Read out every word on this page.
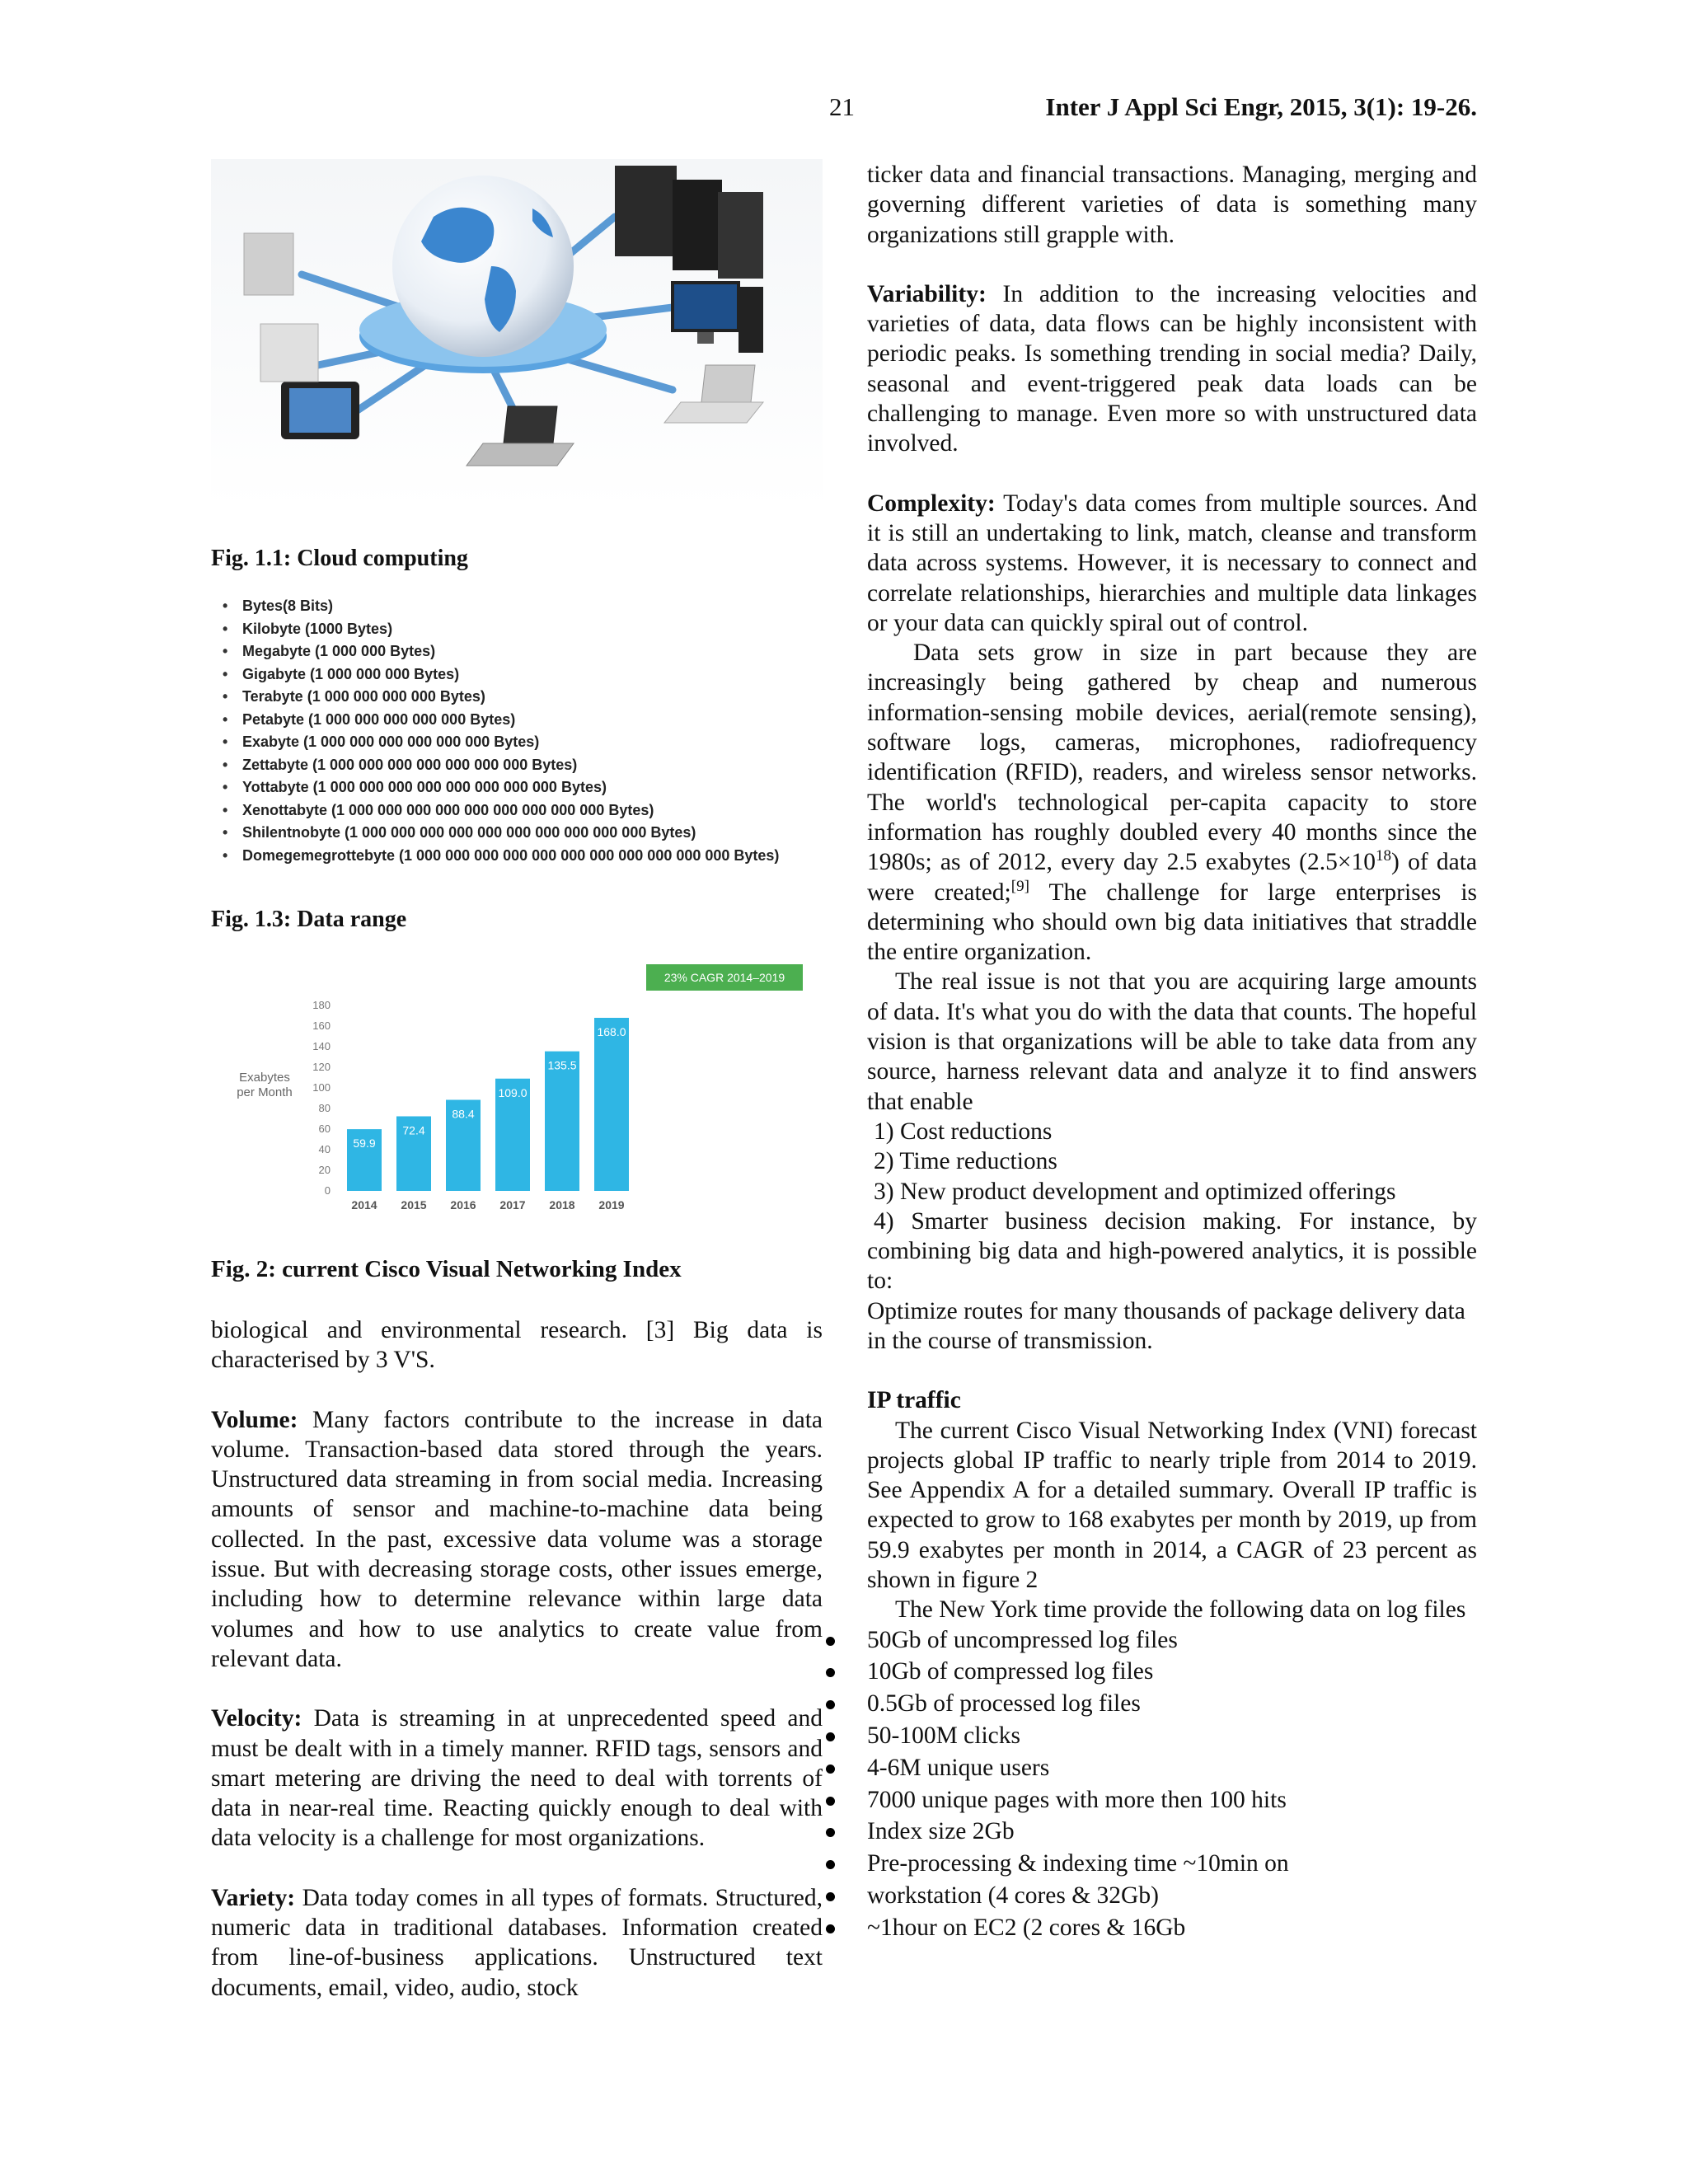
21	Inter J Appl Sci Engr, 2015, 3(1): 19-26.
Fig. 1.1: Cloud computing
• Bytes(8 Bits)
• Kilobyte (1000 Bytes)
• Megabyte (1 000 000 Bytes)
• Gigabyte (1 000 000 000 Bytes)
• Terabyte (1 000 000 000 000 Bytes)
• Petabyte (1 000 000 000 000 000 Bytes)
• Exabyte (1 000 000 000 000 000 000 Bytes)
• Zettabyte (1 000 000 000 000 000 000 000 Bytes)
• Yottabyte (1 000 000 000 000 000 000 000 000 Bytes)
• Xenottabyte (1 000 000 000 000 000 000 000 000 000 Bytes)
• Shilentnobyte (1 000 000 000 000 000 000 000 000 000 000 Bytes)
• Domegemegrottebyte (1 000 000 000 000 000 000 000 000 000 000 000 Bytes)
Fig. 1.3: Data range
0
20
40
60
80
100
120
140
160
180
Exabytes
per Month
59.9
2014
72.4
2015
88.4
2016
109.0
2017
135.5
2018
168.0
2019
23% CAGR 2014–2019
Fig. 2: current Cisco Visual Networking Index

biological and environmental research. [3] Big data is characterised by 3 V'S.

Volume: Many factors contribute to the increase in data volume. Transaction-based data stored through the years. Unstructured data streaming in from social media. Increasing amounts of sensor and machine-to-machine data being collected. In the past, excessive data volume was a storage issue. But with decreasing storage costs, other issues emerge, including how to determine relevance within large data volumes and how to use analytics to create value from relevant data.

Velocity: Data is streaming in at unprecedented speed and must be dealt with in a timely manner. RFID tags, sensors and smart metering are driving the need to deal with torrents of data in near-real time. Reacting quickly enough to deal with data velocity is a challenge for most organizations.

Variety: Data today comes in all types of formats. Structured, numeric data in traditional databases. Information created from line-of-business applications. Unstructured text documents, email, video, audio, stock

ticker data and financial transactions. Managing, merging and governing different varieties of data is something many organizations still grapple with.

Variability: In addition to the increasing velocities and varieties of data, data flows can be highly inconsistent with periodic peaks. Is something trending in social media? Daily, seasonal and event-triggered peak data loads can be challenging to manage. Even more so with unstructured data involved.

Complexity: Today's data comes from multiple sources. And it is still an undertaking to link, match, cleanse and transform data across systems. However, it is necessary to connect and correlate relationships, hierarchies and multiple data linkages or your data can quickly spiral out of control.

Data sets grow in size in part because they are increasingly being gathered by cheap and numerous information-sensing mobile devices, aerial(remote sensing), software logs, cameras, microphones, radiofrequency identification (RFID), readers, and wireless sensor networks. The world's technological per-capita capacity to store information has roughly doubled every 40 months since the 1980s; as of 2012, every day 2.5 exabytes $(2.5\times 10^{18})$ of data were created;[9] The challenge for large enterprises is determining who should own big data initiatives that straddle the entire organization.

The real issue is not that you are acquiring large amounts of data. It's what you do with the data that counts. The hopeful vision is that organizations will be able to take data from any source, harness relevant data and analyze it to find answers that enable

1) Cost reductions

2) Time reductions

3) New product development and optimized offerings

4) Smarter business decision making. For instance, by combining big data and high-powered analytics, it is possible to:

Optimize routes for many thousands of package delivery data in the course of transmission.

IP traffic

The current Cisco Visual Networking Index (VNI) forecast projects global IP traffic to nearly triple from 2014 to 2019. See Appendix A for a detailed summary. Overall IP traffic is expected to grow to 168 exabytes per month by 2019, up from 59.9 exabytes per month in 2014, a CAGR of 23 percent as shown in figure 2

The New York time provide the following data on log files

50Gb of uncompressed log files
10Gb of compressed log files
0.5Gb of processed log files
50-100M clicks
4-6M unique users
7000 unique pages with more then 100 hits
Index size 2Gb
Pre-processing & indexing time ~10min on
workstation (4 cores & 32Gb)
~1hour on EC2 (2 cores & 16Gb
